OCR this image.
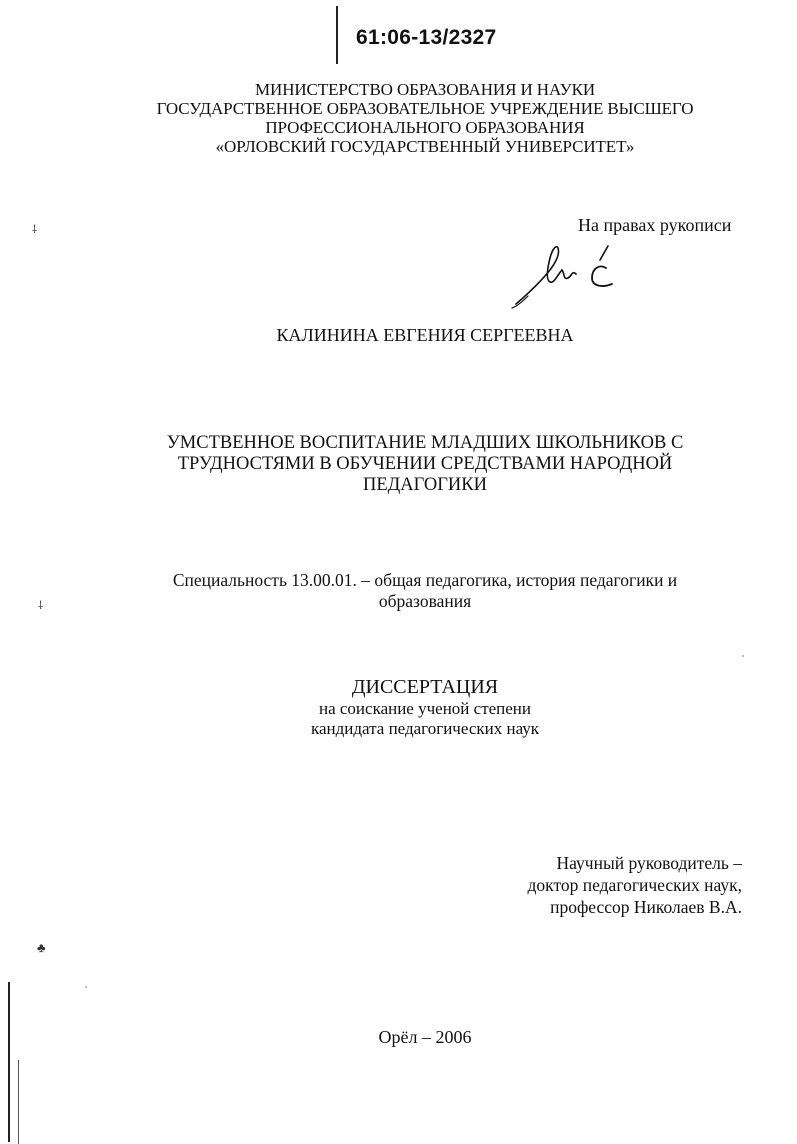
61:06-13/2327
МИНИСТЕРСТВО ОБРАЗОВАНИЯ И НАУКИ
ГОСУДАРСТВЕННОЕ ОБРАЗОВАТЕЛЬНОЕ УЧРЕЖДЕНИЕ ВЫСШЕГО
ПРОФЕССИОНАЛЬНОГО ОБРАЗОВАНИЯ
«ОРЛОВСКИЙ ГОСУДАРСТВЕННЫЙ УНИВЕРСИТЕТ»
На правах рукописи
КАЛИНИНА ЕВГЕНИЯ СЕРГЕЕВНА
УМСТВЕННОЕ ВОСПИТАНИЕ МЛАДШИХ ШКОЛЬНИКОВ С
ТРУДНОСТЯМИ В ОБУЧЕНИИ СРЕДСТВАМИ НАРОДНОЙ
ПЕДАГОГИКИ
Специальность 13.00.01. – общая педагогика, история педагогики и
образования
ДИССЕРТАЦИЯ
на соискание ученой степени
кандидата педагогических наук
Научный руководитель –
доктор педагогических наук,
профессор Николаев В.А.
Орёл – 2006
⸸
⸸
♣
